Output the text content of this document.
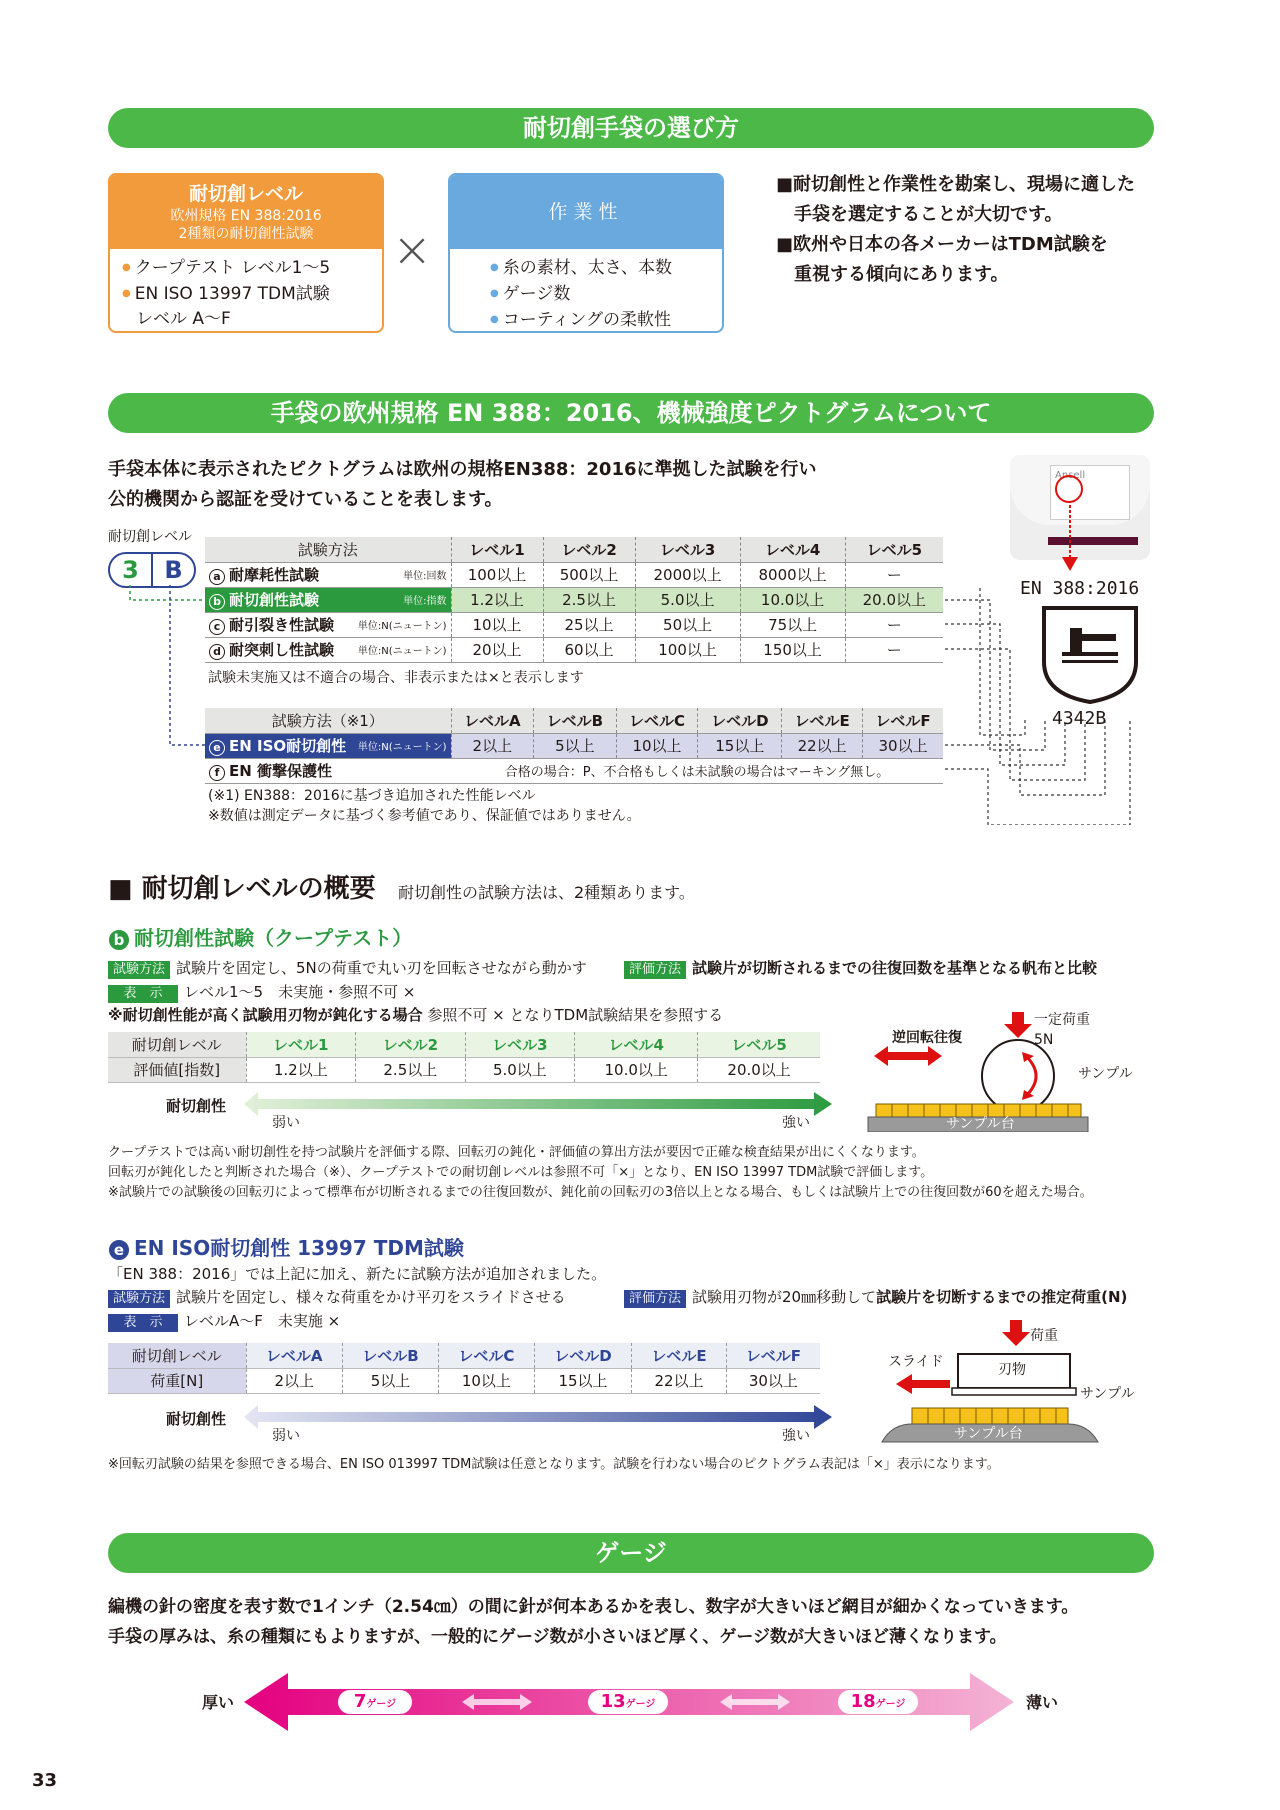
耐切創手袋の選び方
耐切創レベル
欧州規格 EN 388:2016
2種類の耐切創性試験
● クープテスト レベル1～5
● EN ISO 13997 TDM試験
レベル A～F
×
作業性
● 糸の素材、太さ、本数
● ゲージ数
● コーティングの柔軟性
■耐切創性と作業性を勘案し、現場に適した
手袋を選定することが大切です。
■欧州や日本の各メーカーはTDM試験を
重視する傾向にあります。
手袋の欧州規格 EN 388：2016、機械強度ピクトグラムについて
手袋本体に表示されたピクトグラムは欧州の規格EN388：2016に準拠した試験を行い
公的機関から認証を受けていることを表します。
耐切創レベル
3	B
試験方法	レベル1	レベル2	レベル3	レベル4	レベル5
a 耐摩耗性試験 単位:回数	100以上	500以上	2000以上	8000以上	ー
b 耐切創性試験 単位:指数	1.2以上	2.5以上	5.0以上	10.0以上	20.0以上
c 耐引裂き性試験 単位:N(ニュートン)	10以上	25以上	50以上	75以上	ー
d 耐突刺し性試験 単位:N(ニュートン)	20以上	60以上	100以上	150以上	ー
試験未実施又は不適合の場合、非表示または×と表示します
試験方法（※1）	レベルA	レベルB	レベルC	レベルD	レベルE	レベルF
e EN ISO耐切創性 単位:N(ニュートン)	2以上	5以上	10以上	15以上	22以上	30以上
f EN 衝撃保護性	合格の場合：P、不合格もしくは未試験の場合はマーキング無し。					
(※1) EN388：2016に基づき追加された性能レベル
※数値は測定データに基づく参考値であり、保証値ではありません。
Ansell
EN 388:2016
4342B
■ 耐切創レベルの概要 耐切創性の試験方法は、2種類あります。
b 耐切創性試験（クープテスト）
試験方法 試験片を固定し、5Nの荷重で丸い刃を回転させながら動かす	評価方法 試験片が切断されるまでの往復回数を基準となる帆布と比較
表　示 レベル1～5　未実施・参照不可 ×
※耐切創性能が高く試験用刃物が鈍化する場合 参照不可 × となりTDM試験結果を参照する
耐切創レベル	レベル1	レベル2	レベル3	レベル4	レベル5
評価値[指数]	1.2以上	2.5以上	5.0以上	10.0以上	20.0以上
耐切創性
弱い	強い
一定荷重5N
逆回転往復
サンプル
サンプル台
クープテストでは高い耐切創性を持つ試験片を評価する際、回転刃の鈍化・評価値の算出方法が要因で正確な検査結果が出にくくなります。
回転刃が鈍化したと判断された場合（※）、クープテストでの耐切創レベルは参照不可「×」となり、EN ISO 13997 TDM試験で評価します。
※試験片での試験後の回転刃によって標準布が切断されるまでの往復回数が、鈍化前の回転刃の3倍以上となる場合、もしくは試験片上での往復回数が60を超えた場合。
e EN ISO耐切創性 13997 TDM試験
「EN 388：2016」では上記に加え、新たに試験方法が追加されました。
試験方法 試験片を固定し、様々な荷重をかけ平刃をスライドさせる	評価方法 試験用刃物が20㎜移動して試験片を切断するまでの推定荷重(N)
表　示 レベルA～F　未実施 ×
耐切創レベル	レベルA	レベルB	レベルC	レベルD	レベルE	レベルF
荷重[N]	2以上	5以上	10以上	15以上	22以上	30以上
耐切創性
弱い	強い
荷重
スライド	刃物
サンプル
サンプル台
※回転刃試験の結果を参照できる場合、EN ISO 013997 TDM試験は任意となります。試験を行わない場合のピクトグラム表記は「×」表示になります。
ゲージ
編機の針の密度を表す数で1インチ（2.54㎝）の間に針が何本あるかを表し、数字が大きいほど網目が細かくなっていきます。
手袋の厚みは、糸の種類にもよりますが、一般的にゲージ数が小さいほど厚く、ゲージ数が大きいほど薄くなります。
厚い	薄い
7ゲージ	13ゲージ	18ゲージ
33
